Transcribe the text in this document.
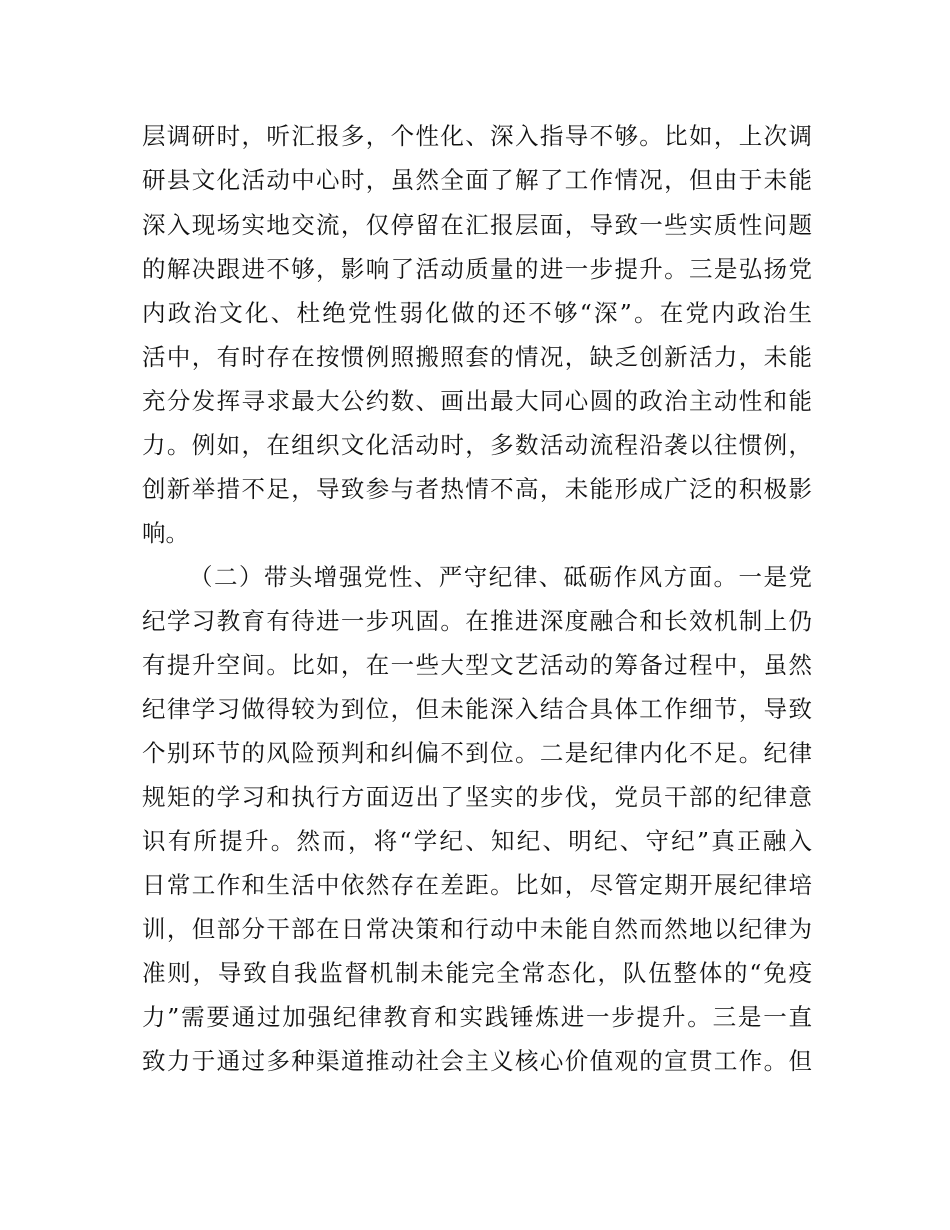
层调研时，听汇报多，个性化、深入指导不够。比如，上次调
研县文化活动中心时，虽然全面了解了工作情况，但由于未能
深入现场实地交流，仅停留在汇报层面，导致一些实质性问题
的解决跟进不够，影响了活动质量的进一步提升。三是弘扬党
内政治文化、杜绝党性弱化做的还不够“深”。在党内政治生
活中，有时存在按惯例照搬照套的情况，缺乏创新活力，未能
充分发挥寻求最大公约数、画出最大同心圆的政治主动性和能
力。例如，在组织文化活动时，多数活动流程沿袭以往惯例，
创新举措不足，导致参与者热情不高，未能形成广泛的积极影
响。
（二）带头增强党性、严守纪律、砥砺作风方面。一是党
纪学习教育有待进一步巩固。在推进深度融合和长效机制上仍
有提升空间。比如，在一些大型文艺活动的筹备过程中，虽然
纪律学习做得较为到位，但未能深入结合具体工作细节，导致
个别环节的风险预判和纠偏不到位。二是纪律内化不足。纪律
规矩的学习和执行方面迈出了坚实的步伐，党员干部的纪律意
识有所提升。然而，将“学纪、知纪、明纪、守纪”真正融入
日常工作和生活中依然存在差距。比如，尽管定期开展纪律培
训，但部分干部在日常决策和行动中未能自然而然地以纪律为
准则，导致自我监督机制未能完全常态化，队伍整体的“免疫
力”需要通过加强纪律教育和实践锤炼进一步提升。三是一直
致力于通过多种渠道推动社会主义核心价值观的宣贯工作。但
